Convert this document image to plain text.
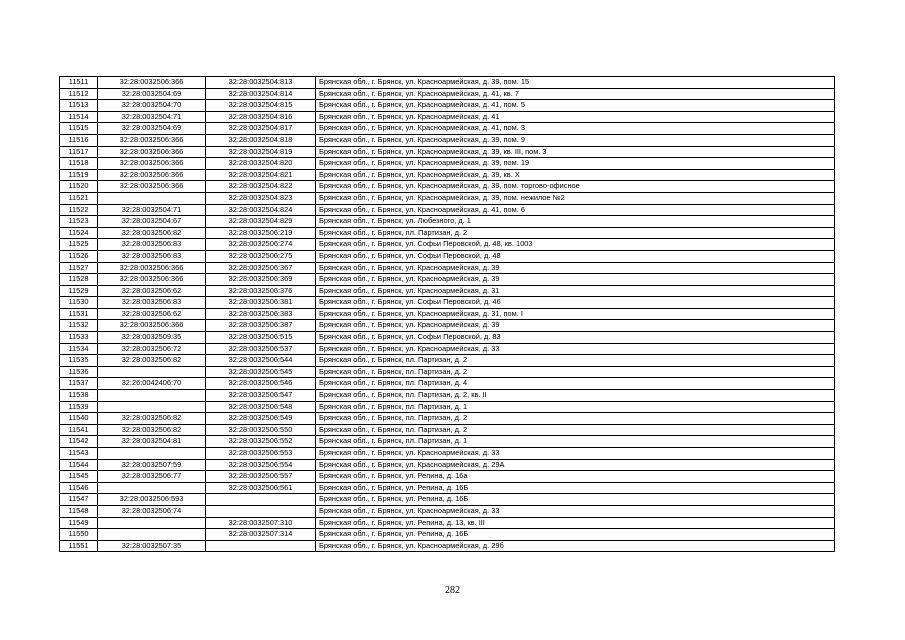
11511	32:28:0032506:366	32:28:0032504:813	Брянская обл., г. Брянск, ул. Красноармейская, д. 39, пом. 15
11512	32:28:0032504:69	32:28:0032504:814	Брянская обл., г. Брянск, ул. Красноармейская, д. 41, кв. 7
11513	32:28:0032504:70	32:28:0032504:815	Брянская обл., г. Брянск, ул. Красноармейская, д. 41, пом. 5
11514	32:28:0032504:71	32:28:0032504:816	Брянская обл., г. Брянск, ул. Красноармейская, д. 41
11515	32:28:0032504:69	32:28:0032504:817	Брянская обл., г. Брянск, ул. Красноармейская, д. 41, пом. 3
11516	32:28:0032506:366	32:28:0032504:818	Брянская обл., г. Брянск, ул. Красноармейская, д. 39, пом. 9
11517	32:28:0032506:366	32:28:0032504:819	Брянская обл., г. Брянск, ул. Красноармейская, д. 39, кв. III, пом. 3
11518	32:28:0032506:366	32:28:0032504:820	Брянская обл., г. Брянск, ул. Красноармейская, д. 39, пом. 19
11519	32:28:0032506:366	32:28:0032504:821	Брянская обл., г. Брянск, ул. Красноармейская, д. 39, кв. X
11520	32:28:0032506:366	32:28:0032504:822	Брянская обл., г. Брянск, ул. Красноармейская, д. 39, пом. торгово-офисное
11521		32:28:0032504:823	Брянская обл., г. Брянск, ул. Красноармейская, д. 39, пом. нежилое №2
11522	32:28:0032504:71	32:28:0032504:824	Брянская обл., г. Брянск, ул. Красноармейская, д. 41, пом. 6
11523	32:28:0032504:67	32:28:0032504:829	Брянская обл., г. Брянск, ул. Любезного, д. 1
11524	32:28:0032506:82	32:28:0032506:219	Брянская обл., г. Брянск, пл. Партизан, д. 2
11525	32:28:0032506:83	32:28:0032506:274	Брянская обл., г. Брянск, ул. Софьи Перовской, д. 48, кв. 1003
11526	32:28:0032506:83	32:28:0032506:275	Брянская обл., г. Брянск, ул. Софьи Перовской, д. 48
11527	32:28:0032506:366	32:28:0032506:367	Брянская обл., г. Брянск, ул. Красноармейская, д. 39
11528	32:28:0032506:366	32:28:0032506:369	Брянская обл., г. Брянск, ул. Красноармейская, д. 39
11529	32:28:0032506:62	32:28:0032506:376	Брянская обл., г. Брянск, ул. Красноармейская, д. 31
11530	32:28:0032506:83	32:28:0032506:381	Брянская обл., г. Брянск, ул. Софьи Перовской, д. 46
11531	32:28:0032506:62	32:28:0032506:383	Брянская обл., г. Брянск, ул. Красноармейская, д. 31, пом. I
11532	32:28:0032506:366	32:28:0032506:387	Брянская обл., г. Брянск, ул. Красноармейская, д. 39
11533	32:28:0032509:35	32:28:0032506:515	Брянская обл., г. Брянск, ул. Софьи Перовской, д. 83
11534	32:28:0032506:72	32:28:0032506:537	Брянская обл., г. Брянск, ул. Красноармейская, д. 33
11535	32:28:0032506:82	32:28:0032506:544	Брянская обл., г. Брянск, пл. Партизан, д. 2
11536		32:28:0032506:545	Брянская обл., г. Брянск, пл. Партизан, д. 2
11537	32:26:0042406:70	32:28:0032506:546	Брянская обл., г. Брянск, пл. Партизан, д. 4
11538		32:28:0032506:547	Брянская обл., г. Брянск, пл. Партизан, д. 2, кв. II
11539		32:28:0032506:548	Брянская обл., г. Брянск, пл. Партизан, д. 1
11540	32:28:0032506:82	32:28:0032506:549	Брянская обл., г. Брянск, пл. Партизан, д. 2
11541	32:28:0032506:82	32:28:0032506:550	Брянская обл., г. Брянск, пл. Партизан, д. 2
11542	32:28:0032504:81	32:28:0032506:552	Брянская обл., г. Брянск, пл. Партизан, д. 1
11543		32:28:0032506:553	Брянская обл., г. Брянск, ул. Красноармейская, д. 33
11544	32:28:0032507:59	32:28:0032506:554	Брянская обл., г. Брянск, ул. Красноармейская, д. 29А
11545	32:28:0032506:77	32:28:0032506:557	Брянская обл., г. Брянск, ул. Репина, д. 16а
11546		32:28:0032506:561	Брянская обл., г. Брянск, ул. Репина, д. 16Б
11547	32:28:0032506:593		Брянская обл., г. Брянск, ул. Репина, д. 16Б
11548	32:28:0032506:74		Брянская обл., г. Брянск, ул. Красноармейская, д. 33
11549		32:28:0032507:310	Брянская обл., г. Брянск, ул. Репина, д. 13, кв. III
11550		32:28:0032507:314	Брянская обл., г. Брянск, ул. Репина, д. 16Б
11551	32:28:0032507:35		Брянская обл., г. Брянск, ул. Красноармейская, д. 29б
282
